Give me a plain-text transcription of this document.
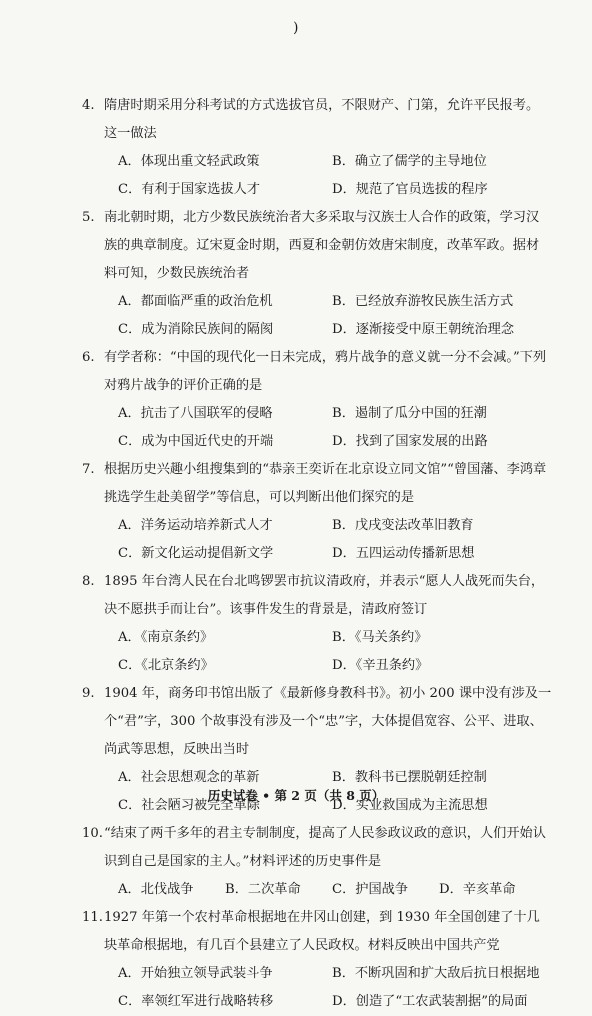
)
4. 隋唐时期采用分科考试的方式选拔官员，不限财产、门第，允许平民报考。这一做法
A．体现出重文轻武政策	B．确立了儒学的主导地位
C．有利于国家选拔人才	D．规范了官员选拔的程序
5. 南北朝时期，北方少数民族统治者大多采取与汉族士人合作的政策，学习汉族的典章制度。辽宋夏金时期，西夏和金朝仿效唐宋制度，改革军政。据材料可知，少数民族统治者
A．都面临严重的政治危机	B．已经放弃游牧民族生活方式
C．成为消除民族间的隔阂	D．逐渐接受中原王朝统治理念
6. 有学者称：“中国的现代化一日未完成，鸦片战争的意义就一分不会减。”下列对鸦片战争的评价正确的是
A．抗击了八国联军的侵略	B．遏制了瓜分中国的狂潮
C．成为中国近代史的开端	D．找到了国家发展的出路
7. 根据历史兴趣小组搜集到的“恭亲王奕䜣在北京设立同文馆”“曾国藩、李鸿章挑选学生赴美留学”等信息，可以判断出他们探究的是
A．洋务运动培养新式人才	B．戊戌变法改革旧教育
C．新文化运动提倡新文学	D．五四运动传播新思想
8. 1895 年台湾人民在台北鸣锣罢市抗议清政府，并表示“愿人人战死而失台，决不愿拱手而让台”。该事件发生的背景是，清政府签订
A．《南京条约》	B．《马关条约》
C．《北京条约》	D．《辛丑条约》
9. 1904 年，商务印书馆出版了《最新修身教科书》。初小 200 课中没有涉及一个“君”字，300 个故事没有涉及一个“忠”字，大体提倡宽容、公平、进取、尚武等思想，反映出当时
A．社会思想观念的革新	B．教科书已摆脱朝廷控制
C．社会陋习被完全革除	D．实业救国成为主流思想
10. “结束了两千多年的君主专制制度，提高了人民参政议政的意识，人们开始认识到自己是国家的主人。”材料评述的历史事件是
A．北伐战争	B．二次革命	C．护国战争	D．辛亥革命
11. 1927 年第一个农村革命根据地在井冈山创建，到 1930 年全国创建了十几块革命根据地，有几百个县建立了人民政权。材料反映出中国共产党
A．开始独立领导武装斗争	B．不断巩固和扩大敌后抗日根据地
C．率领红军进行战略转移	D．创造了“工农武装割据”的局面
历史试卷 • 第 2 页（共 8 页）
